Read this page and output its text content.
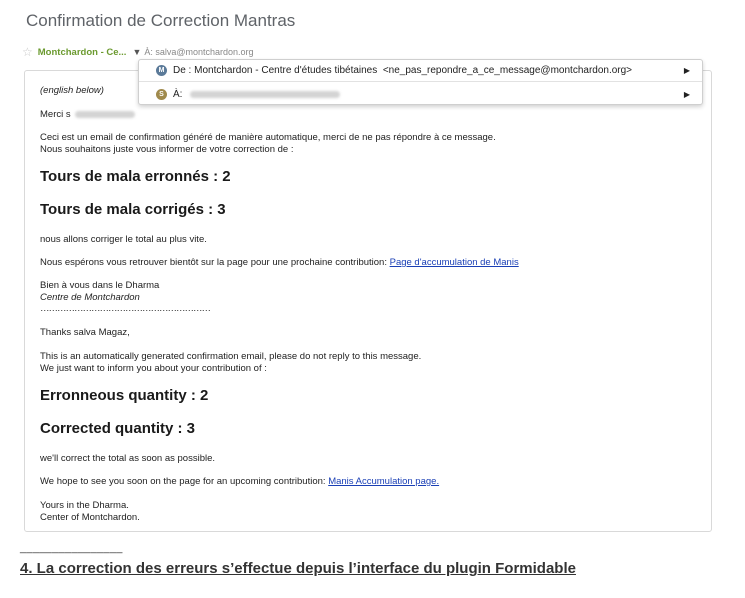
Confirmation de Correction Mantras
☆ Montchardon - Ce... ▼ À: salva@montchardon.org
M De : Montchardon - Centre d'études tibétaines
<ne_pas_repondre_a_ce_message@montchardon.org>	▶
S À:	▶
(english below)
Merci s
Ceci est un email de confirmation généré de manière automatique, merci de ne pas répondre à ce message.
Nous souhaitons juste vous informer de votre correction de :
Tours de mala erronnés : 2
Tours de mala corrigés : 3
nous allons corriger le total au plus vite.
Nous espérons vous retrouver bientôt sur la page pour une prochaine contribution: Page d'accumulation de Manis
Bien à vous dans le Dharma
Centre de Montchardon
……………………………………………………
Thanks salva Magaz,
This is an automatically generated confirmation email, please do not reply to this message.
We just want to inform you about your contribution of :
Erronneous quantity : 2
Corrected quantity : 3
we'll correct the total as soon as possible.
We hope to see you soon on the page for an upcoming contribution: Manis Accumulation page.
Yours in the Dharma.
Center of Montchardon.
________________
4. La correction des erreurs s’effectue depuis l’interface du plugin Formidable
